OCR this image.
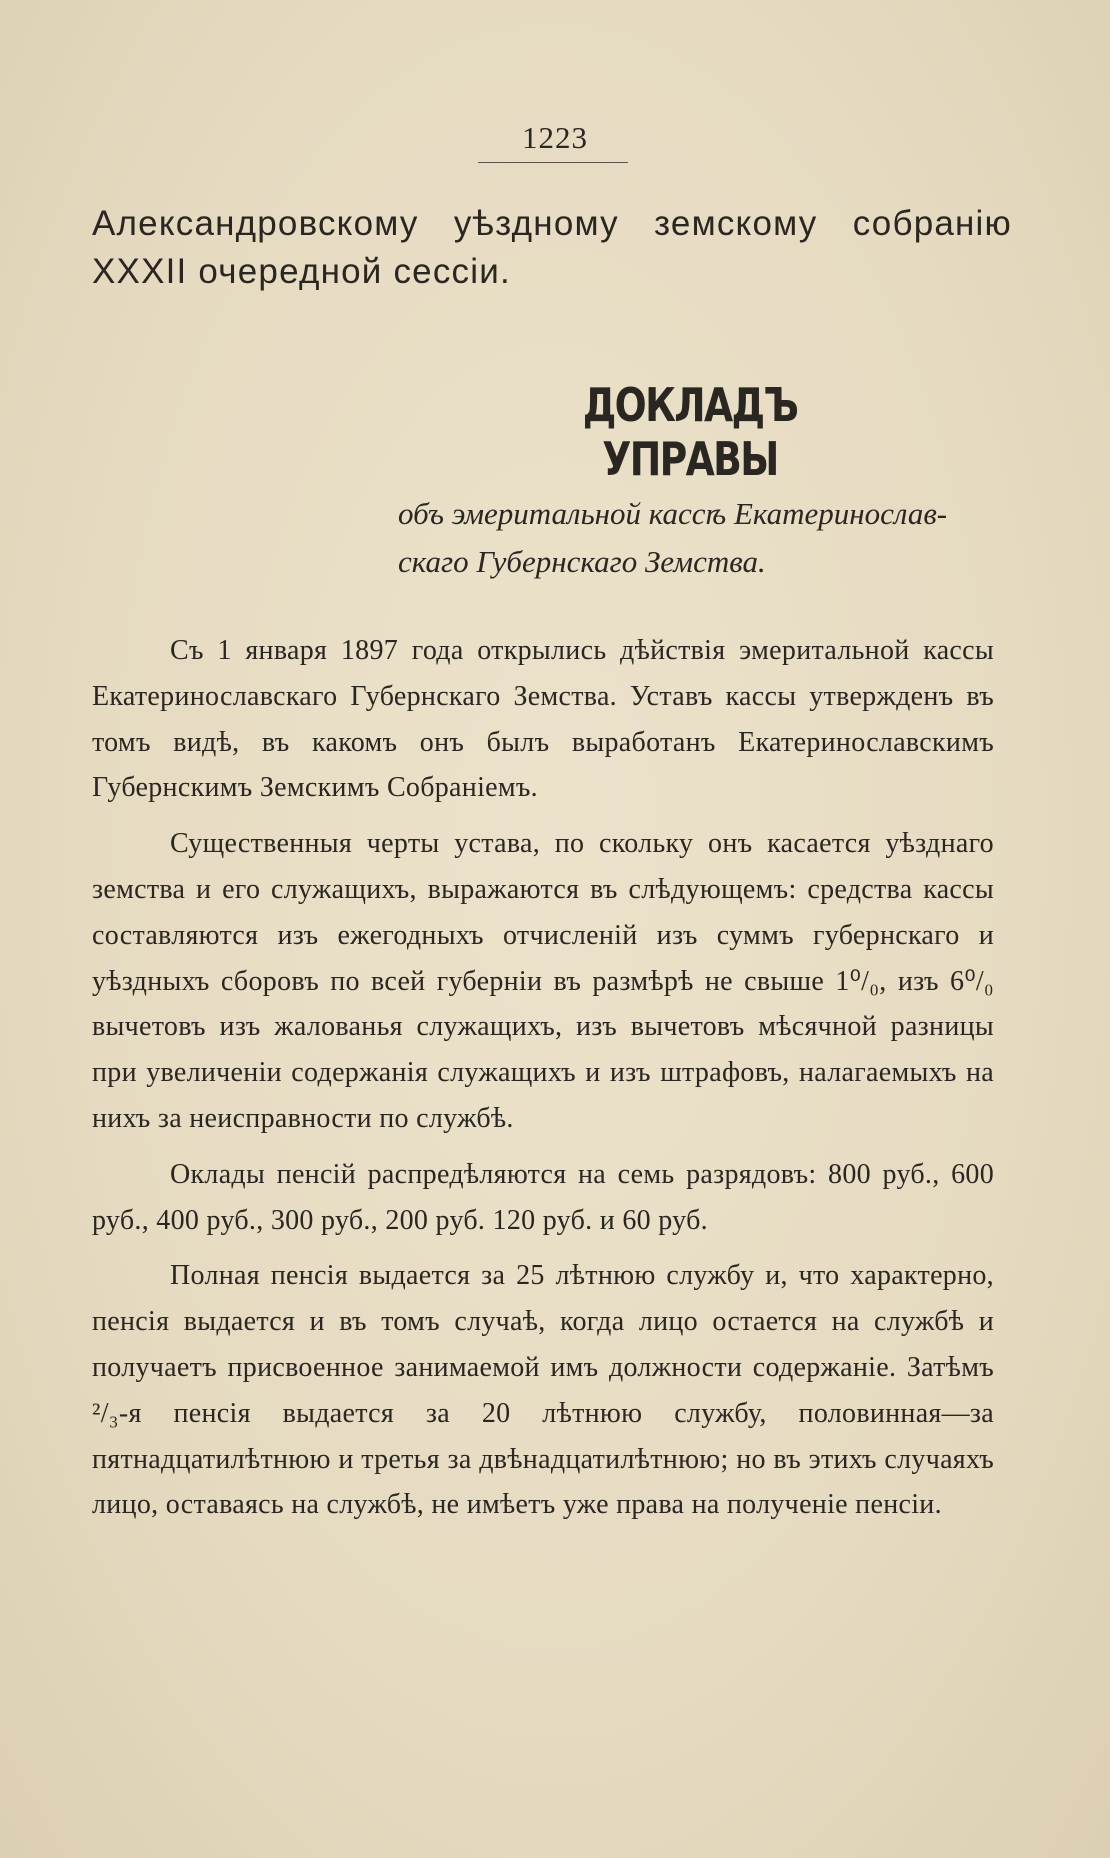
1223
Александровскому уѣздному земскому собранію XXXII очередной сессіи.
ДОКЛАДЪ УПРАВЫ
объ эмеритальной кассѣ Екатеринослав-
скаго Губернскаго Земства.

Съ 1 января 1897 года открылись дѣйствія эмеритальной кассы Екатеринославскаго Губернскаго Земства. Уставъ кассы утвержденъ въ томъ видѣ, въ какомъ онъ былъ выработанъ Екатеринославскимъ Губернскимъ Земскимъ Собраніемъ.

Существенныя черты устава, по скольку онъ касается уѣзднаго земства и его служащихъ, выражаются въ слѣдующемъ: средства кассы составляются изъ ежегодныхъ отчисленій изъ суммъ губернскаго и уѣздныхъ сборовъ по всей губерніи въ размѣрѣ не свыше 1⁰/₀, изъ 6⁰/₀ вычетовъ изъ жалованья служащихъ, изъ вычетовъ мѣсячной разницы при увеличеніи содержанія служащихъ и изъ штрафовъ, налагаемыхъ на нихъ за неисправности по службѣ.

Оклады пенсій распредѣляются на семь разрядовъ: 800 руб., 600 руб., 400 руб., 300 руб., 200 руб. 120 руб. и 60 руб.

Полная пенсія выдается за 25 лѣтнюю службу и, что характерно, пенсія выдается и въ томъ случаѣ, когда лицо остается на службѣ и получаетъ присвоенное занимаемой имъ должности содержаніе. Затѣмъ ²/₃-я пенсія выдается за 20 лѣтнюю службу, половинная—за пятнадцатилѣтнюю и третья за двѣнадцатилѣтнюю; но въ этихъ случаяхъ лицо, оставаясь на службѣ, не имѣетъ уже права на полученіе пенсіи.
